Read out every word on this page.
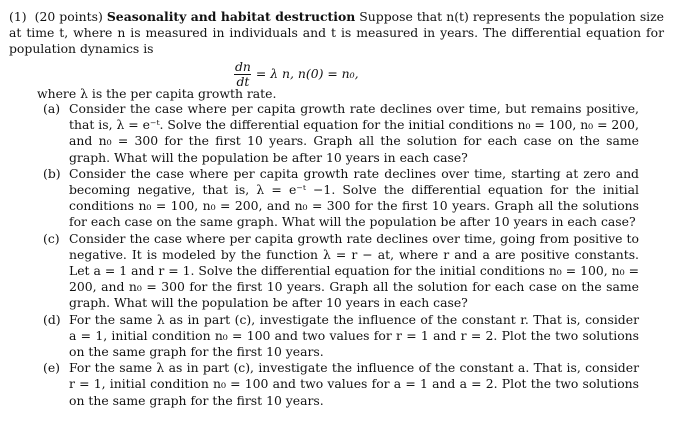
(1) (20 points) Seasonality and habitat destruction Suppose that n(t) represents the population size at time t, where n is measured in individuals and t is measured in years. The differential equation for population dynamics is
$\frac{dn}{dt} = \lambda$ n, n(0) = n₀,
where λ is the per capita growth rate.

(a) Consider the case where per capita growth rate declines over time, but remains positive, that is, λ = e⁻ᵗ. Solve the differential equation for the initial conditions n₀ = 100, n₀ = 200, and n₀ = 300 for the first 10 years. Graph all the solution for each case on the same graph. What will the population be after 10 years in each case?

(b) Consider the case where per capita growth rate declines over time, starting at zero and becoming negative, that is, λ = e⁻ᵗ −1. Solve the differential equation for the initial conditions n₀ = 100, n₀ = 200, and n₀ = 300 for the first 10 years. Graph all the solutions for each case on the same graph. What will the population be after 10 years in each case?

(c) Consider the case where per capita growth rate declines over time, going from positive to negative. It is modeled by the function λ = r − at, where r and a are positive constants. Let a = 1 and r = 1. Solve the differential equation for the initial conditions n₀ = 100, n₀ = 200, and n₀ = 300 for the first 10 years. Graph all the solution for each case on the same graph. What will the population be after 10 years in each case?

(d) For the same λ as in part (c), investigate the influence of the constant r. That is, consider a = 1, initial condition n₀ = 100 and two values for r = 1 and r = 2. Plot the two solutions on the same graph for the first 10 years.

(e) For the same λ as in part (c), investigate the influence of the constant a. That is, consider r = 1, initial condition n₀ = 100 and two values for a = 1 and a = 2. Plot the two solutions on the same graph for the first 10 years.
